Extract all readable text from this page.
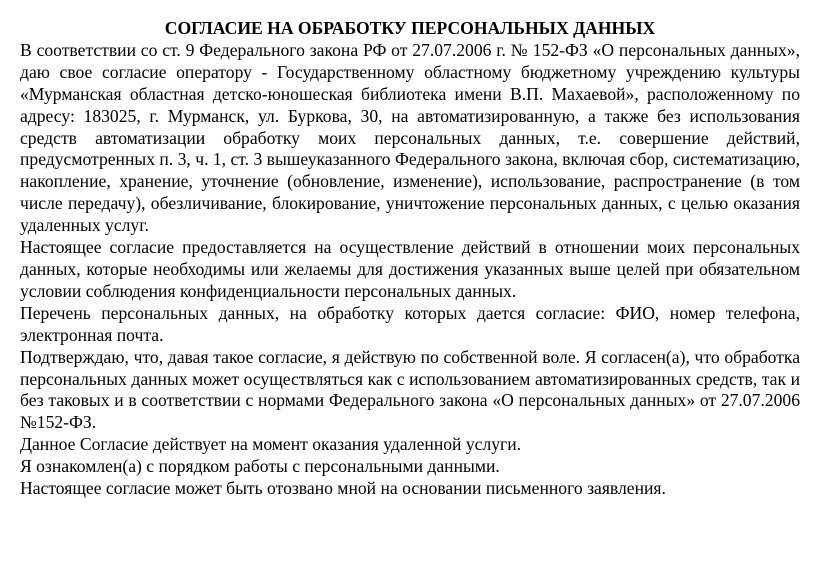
СОГЛАСИЕ НА ОБРАБОТКУ ПЕРСОНАЛЬНЫХ ДАННЫХ
В соответствии со ст. 9 Федерального закона РФ от 27.07.2006 г. № 152-ФЗ «О персональных данных», даю свое согласие оператору - Государственному областному бюджетному учреждению культуры «Мурманская областная детско-юношеская библиотека имени В.П. Махаевой», расположенному по адресу: 183025, г. Мурманск, ул. Буркова, 30, на автоматизированную, а также без использования средств автоматизации обработку моих персональных данных, т.е. совершение действий, предусмотренных п. 3, ч. 1, ст. 3 вышеуказанного Федерального закона, включая сбор, систематизацию, накопление, хранение, уточнение (обновление, изменение), использование, распространение (в том числе передачу), обезличивание, блокирование, уничтожение персональных данных, с целью оказания удаленных услуг.
Настоящее согласие предоставляется на осуществление действий в отношении моих персональных данных, которые необходимы или желаемы для достижения указанных выше целей при обязательном условии соблюдения конфиденциальности персональных данных.
Перечень персональных данных, на обработку которых дается согласие: ФИО, номер телефона, электронная почта.
Подтверждаю, что, давая такое согласие, я действую по собственной воле. Я согласен(а), что обработка персональных данных может осуществляться как с использованием автоматизированных средств, так и без таковых и в соответствии с нормами Федерального закона «О персональных данных» от 27.07.2006 №152-ФЗ.
Данное Согласие действует на момент оказания удаленной услуги.
Я ознакомлен(а) с порядком работы с персональными данными.
Настоящее согласие может быть отозвано мной на основании письменного заявления.
